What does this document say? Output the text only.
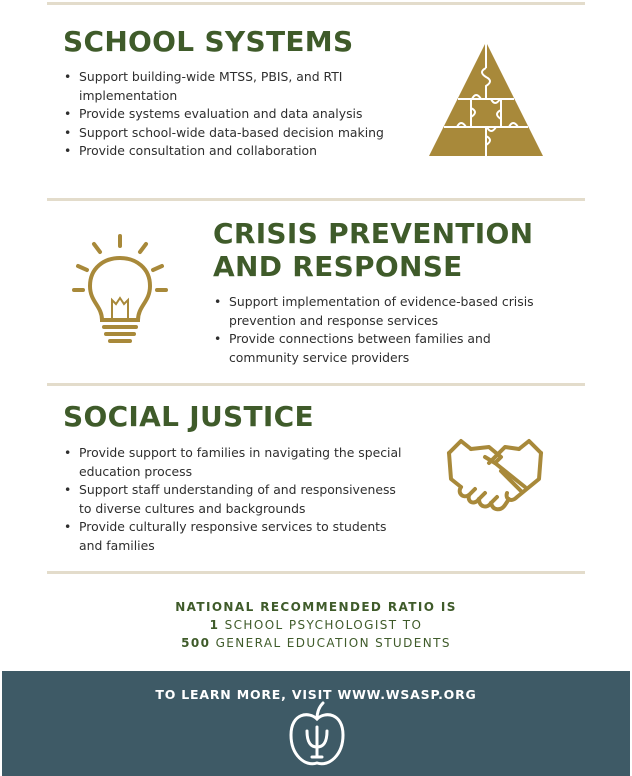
SCHOOL SYSTEMS
• Support building-wide MTSS, PBIS, and RTI
implementation
• Provide systems evaluation and data analysis
• Support school-wide data-based decision making
• Provide consultation and collaboration
CRISIS PREVENTION
AND RESPONSE
• Support implementation of evidence-based crisis
prevention and response services
• Provide connections between families and
community service providers
SOCIAL JUSTICE
• Provide support to families in navigating the special
education process
• Support staff understanding of and responsiveness
to diverse cultures and backgrounds
• Provide culturally responsive services to students
and families
NATIONAL RECOMMENDED RATIO IS
1 SCHOOL PSYCHOLOGIST TO
500 GENERAL EDUCATION STUDENTS
TO LEARN MORE, VISIT WWW.WSASP.ORG
